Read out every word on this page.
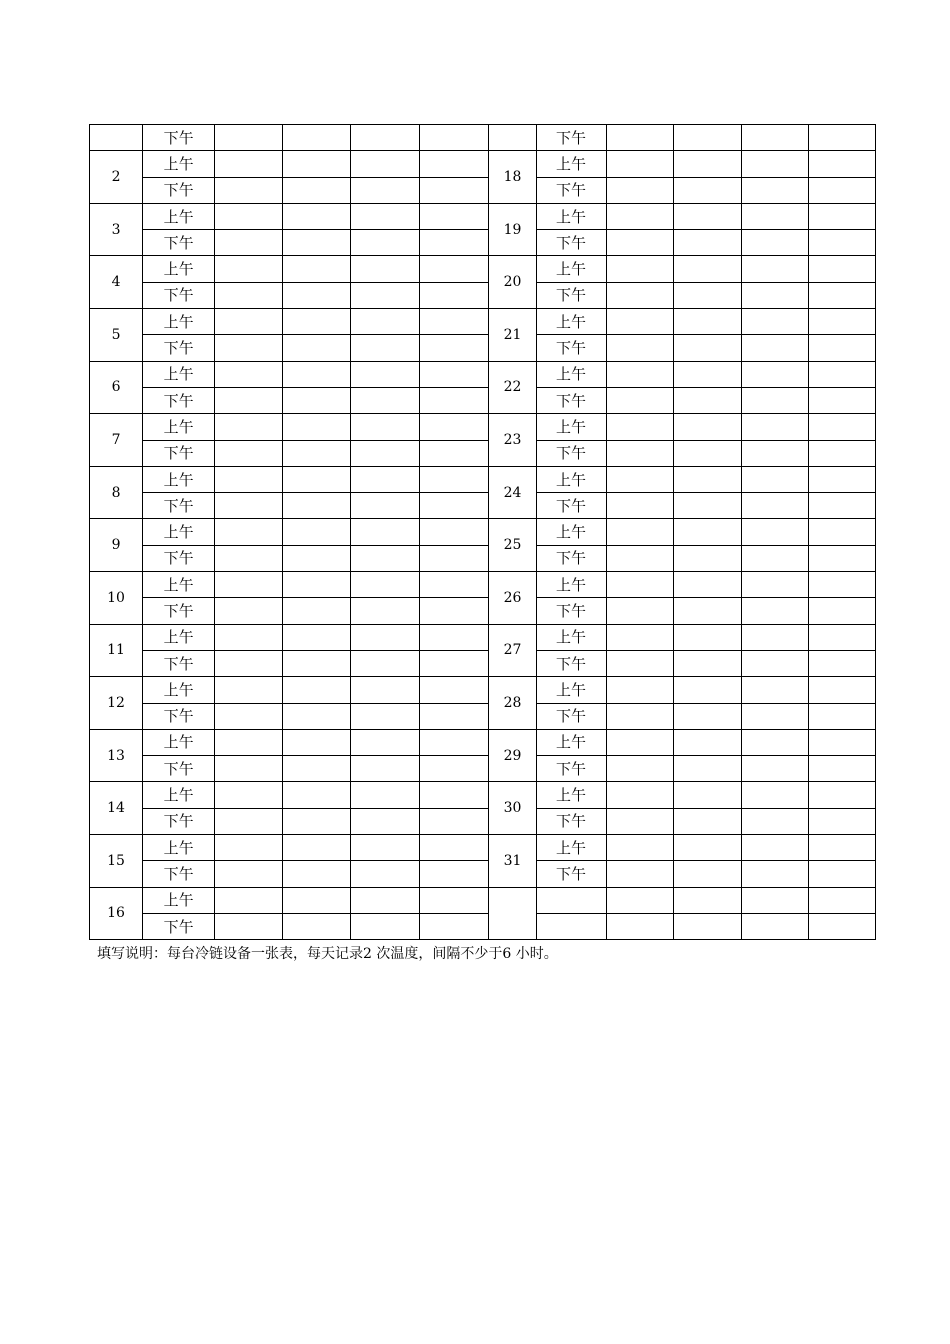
	下午						下午				
2	上午					18	上午				
	下午						下午				
3	上午					19	上午				
	下午						下午				
4	上午					20	上午				
	下午						下午				
5	上午					21	上午				
	下午						下午				
6	上午					22	上午				
	下午						下午				
7	上午					23	上午				
	下午						下午				
8	上午					24	上午				
	下午						下午				
9	上午					25	上午				
	下午						下午				
10	上午					26	上午				
	下午						下午				
11	上午					27	上午				
	下午						下午				
12	上午					28	上午				
	下午						下午				
13	上午					29	上午				
	下午						下午				
14	上午					30	上午				
	下午						下午				
15	上午					31	上午				
	下午						下午				
16	上午										
	下午										
填写说明：每台冷链设备一张表，每天记录2 次温度，间隔不少于6 小时。
